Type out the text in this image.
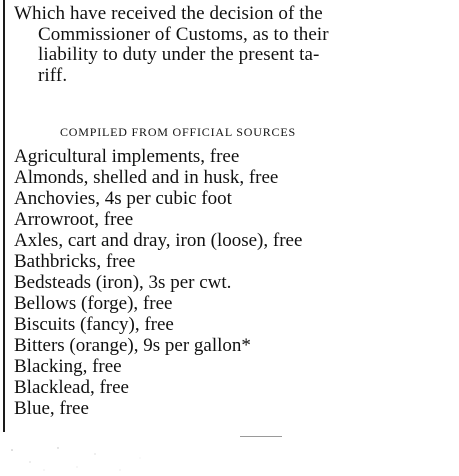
Which have received the decision of the
Commissioner of Customs, as to their
liability to duty under the present ta-
riff.
COMPILED FROM OFFICIAL SOURCES
Agricultural implements, free
Almonds, shelled and in husk, free
Anchovies, 4s per cubic foot
Arrowroot, free
Axles, cart and dray, iron (loose), free
Bathbricks, free
Bedsteads (iron), 3s per cwt.
Bellows (forge), free
Biscuits (fancy), free
Bitters (orange), 9s per gallon*
Blacking, free
Blacklead, free
Blue, free
